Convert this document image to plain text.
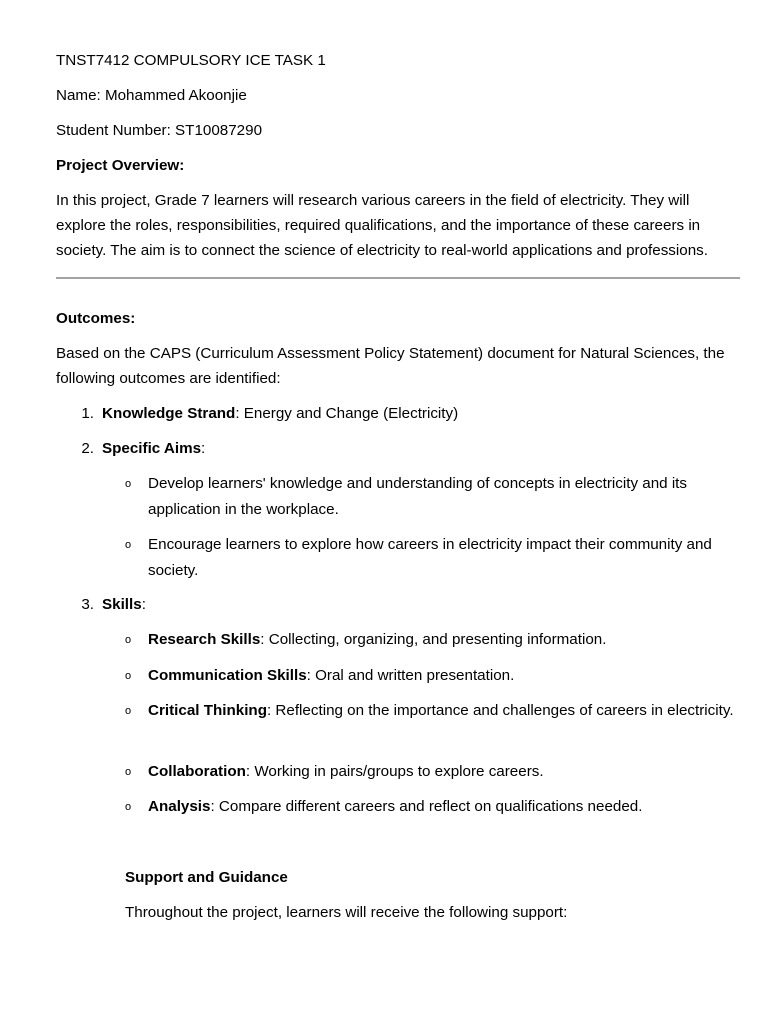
TNST7412 COMPULSORY ICE TASK 1

Name: Mohammed Akoonjie

Student Number: ST10087290

Project Overview:

In this project, Grade 7 learners will research various careers in the field of electricity. They will explore the roles, responsibilities, required qualifications, and the importance of these careers in society. The aim is to connect the science of electricity to real-world applications and professions.

Outcomes:

Based on the CAPS (Curriculum Assessment Policy Statement) document for Natural Sciences, the following outcomes are identified:

1. Knowledge Strand: Energy and Change (Electricity)

2. Specific Aims:

o Develop learners' knowledge and understanding of concepts in electricity and its application in the workplace.

o Encourage learners to explore how careers in electricity impact their community and society.

3. Skills:

o Research Skills: Collecting, organizing, and presenting information.

o Communication Skills: Oral and written presentation.

o Critical Thinking: Reflecting on the importance and challenges of careers in electricity.

o Collaboration: Working in pairs/groups to explore careers.

o Analysis: Compare different careers and reflect on qualifications needed.

Support and Guidance

Throughout the project, learners will receive the following support:
